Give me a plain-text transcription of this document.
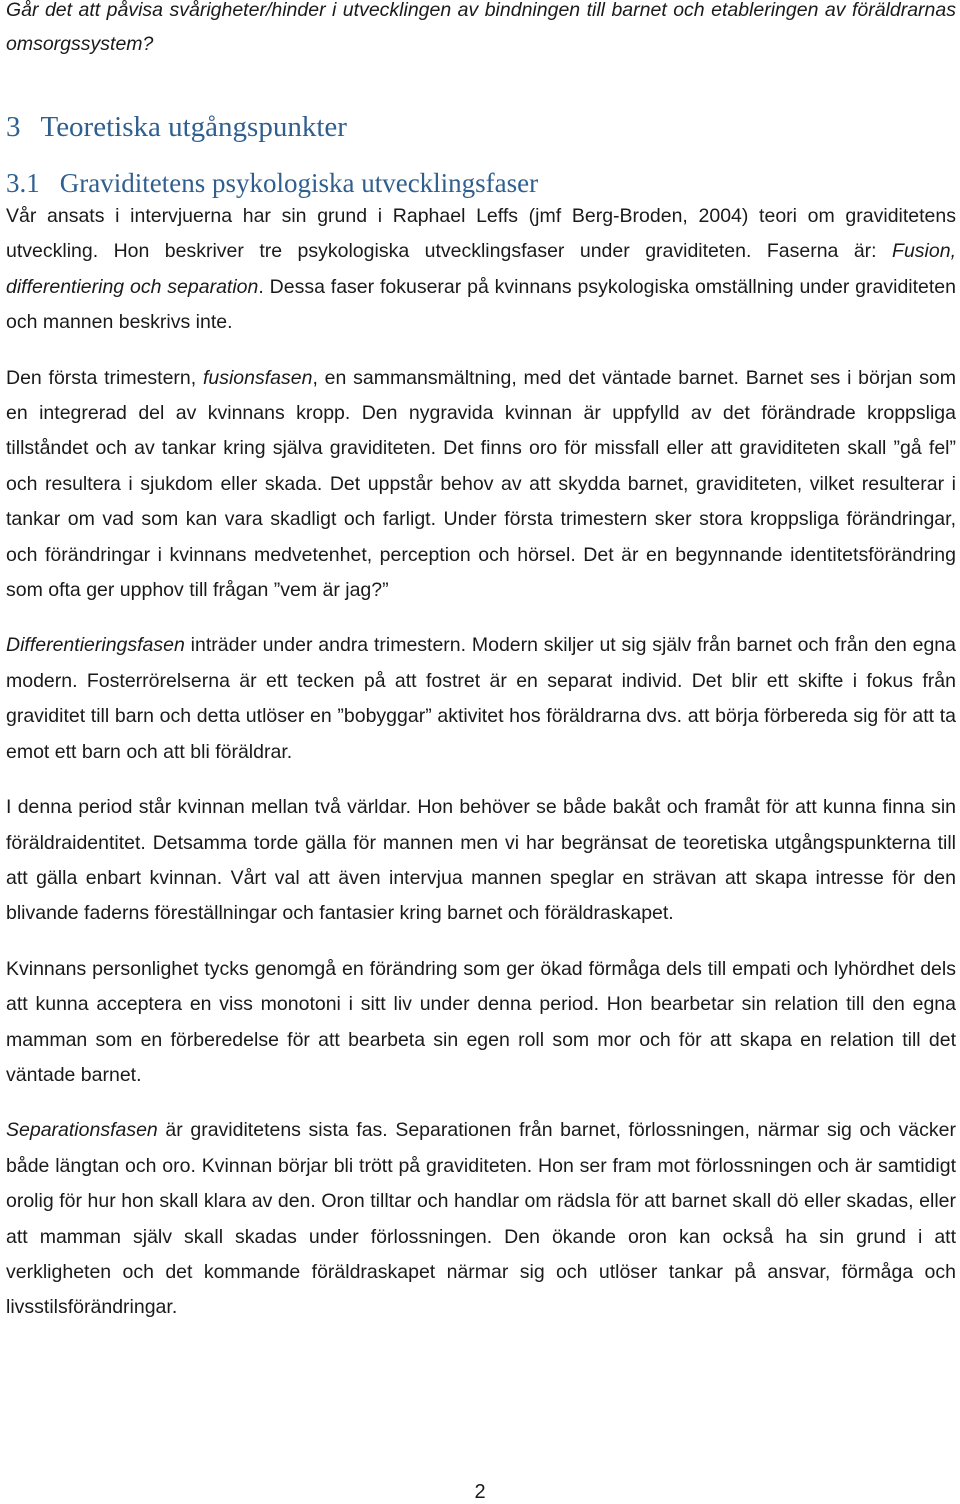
Går det att påvisa svårigheter/hinder i utvecklingen av bindningen till barnet och etableringen av föräldrarnas omsorgssystem?

3 Teoretiska utgångspunkter
3.1 Graviditetens psykologiska utvecklingsfaser

Vår ansats i intervjuerna har sin grund i Raphael Leffs (jmf Berg-Broden, 2004) teori om graviditetens utveckling. Hon beskriver tre psykologiska utvecklingsfaser under graviditeten. Faserna är: Fusion, differentiering och separation. Dessa faser fokuserar på kvinnans psykologiska omställning under graviditeten och mannen beskrivs inte.

Den första trimestern, fusionsfasen, en sammansmältning, med det väntade barnet. Barnet ses i början som en integrerad del av kvinnans kropp. Den nygravida kvinnan är uppfylld av det förändrade kroppsliga tillståndet och av tankar kring själva graviditeten. Det finns oro för missfall eller att graviditeten skall ”gå fel” och resultera i sjukdom eller skada. Det uppstår behov av att skydda barnet, graviditeten, vilket resulterar i tankar om vad som kan vara skadligt och farligt. Under första trimestern sker stora kroppsliga förändringar, och förändringar i kvinnans medvetenhet, perception och hörsel. Det är en begynnande identitetsförändring som ofta ger upphov till frågan ”vem är jag?”

Differentieringsfasen inträder under andra trimestern. Modern skiljer ut sig själv från barnet och från den egna modern. Fosterrörelserna är ett tecken på att fostret är en separat individ. Det blir ett skifte i fokus från graviditet till barn och detta utlöser en ”bobyggar” aktivitet hos föräldrarna dvs. att börja förbereda sig för att ta emot ett barn och att bli föräldrar.

I denna period står kvinnan mellan två världar. Hon behöver se både bakåt och framåt för att kunna finna sin föräldraidentitet. Detsamma torde gälla för mannen men vi har begränsat de teoretiska utgångspunkterna till att gälla enbart kvinnan. Vårt val att även intervjua mannen speglar en strävan att skapa intresse för den blivande faderns föreställningar och fantasier kring barnet och föräldraskapet.

Kvinnans personlighet tycks genomgå en förändring som ger ökad förmåga dels till empati och lyhördhet dels att kunna acceptera en viss monotoni i sitt liv under denna period. Hon bearbetar sin relation till den egna mamman som en förberedelse för att bearbeta sin egen roll som mor och för att skapa en relation till det väntade barnet.

Separationsfasen är graviditetens sista fas. Separationen från barnet, förlossningen, närmar sig och väcker både längtan och oro. Kvinnan börjar bli trött på graviditeten. Hon ser fram mot förlossningen och är samtidigt orolig för hur hon skall klara av den. Oron tilltar och handlar om rädsla för att barnet skall dö eller skadas, eller att mamman själv skall skadas under förlossningen. Den ökande oron kan också ha sin grund i att verkligheten och det kommande föräldraskapet närmar sig och utlöser tankar på ansvar, förmåga och livsstilsförändringar.

2
